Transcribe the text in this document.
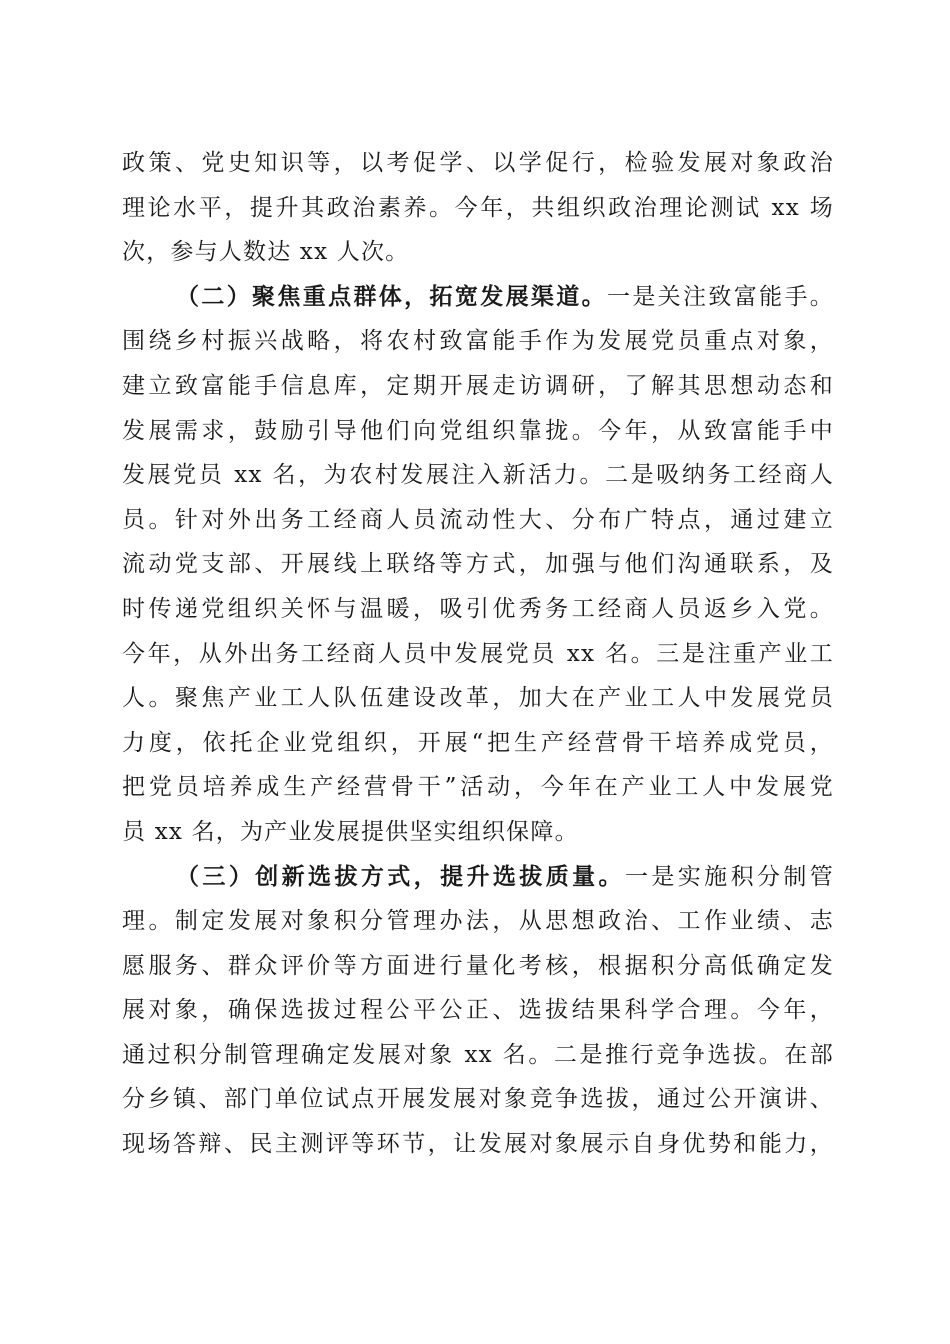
政策、党史知识等，以考促学、以学促行，检验发展对象政治
理论水平，提升其政治素养。今年，共组织政治理论测试 xx 场
次，参与人数达 xx 人次。
（二）聚焦重点群体，拓宽发展渠道。一是关注致富能手。
围绕乡村振兴战略，将农村致富能手作为发展党员重点对象，
建立致富能手信息库，定期开展走访调研，了解其思想动态和
发展需求，鼓励引导他们向党组织靠拢。今年，从致富能手中
发展党员 xx 名，为农村发展注入新活力。二是吸纳务工经商人
员。针对外出务工经商人员流动性大、分布广特点，通过建立
流动党支部、开展线上联络等方式，加强与他们沟通联系，及
时传递党组织关怀与温暖，吸引优秀务工经商人员返乡入党。
今年，从外出务工经商人员中发展党员 xx 名。三是注重产业工
人。聚焦产业工人队伍建设改革，加大在产业工人中发展党员
力度，依托企业党组织，开展“把生产经营骨干培养成党员，
把党员培养成生产经营骨干”活动，今年在产业工人中发展党
员 xx 名，为产业发展提供坚实组织保障。
（三）创新选拔方式，提升选拔质量。一是实施积分制管
理。制定发展对象积分管理办法，从思想政治、工作业绩、志
愿服务、群众评价等方面进行量化考核，根据积分高低确定发
展对象，确保选拔过程公平公正、选拔结果科学合理。今年，
通过积分制管理确定发展对象 xx 名。二是推行竞争选拔。在部
分乡镇、部门单位试点开展发展对象竞争选拔，通过公开演讲、
现场答辩、民主测评等环节，让发展对象展示自身优势和能力，
